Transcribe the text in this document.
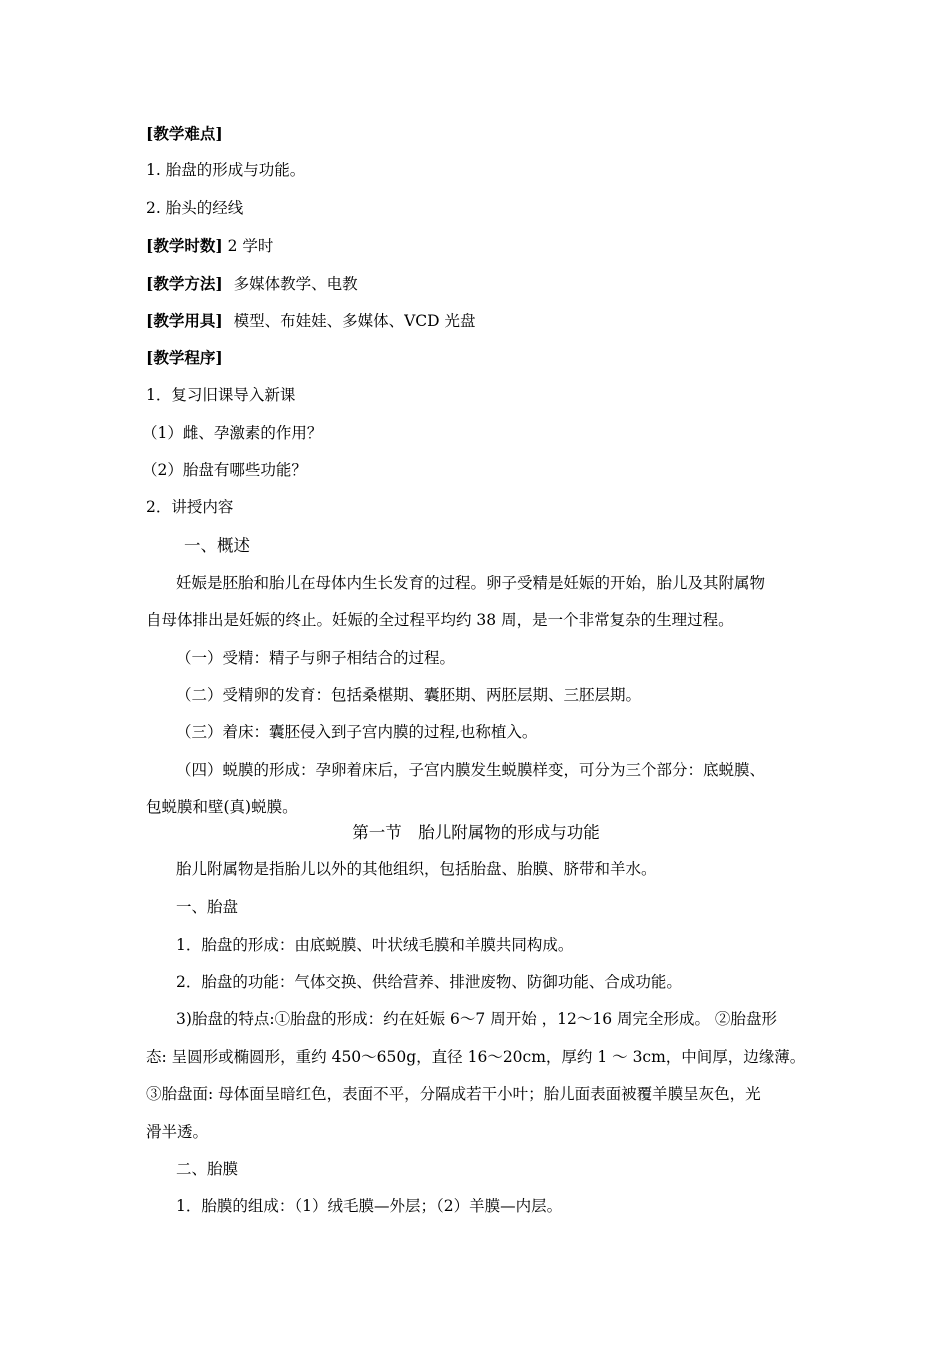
[教学难点]
1. 胎盘的形成与功能。
2. 胎头的经线
[教学时数] 2 学时
[教学方法] 多媒体教学、电教
[教学用具] 模型、布娃娃、多媒体、VCD 光盘
[教学程序]
1．复习旧课导入新课
（1）雌、孕激素的作用？
（2）胎盘有哪些功能？
2．讲授内容
一、概述
妊娠是胚胎和胎儿在母体内生长发育的过程。卵子受精是妊娠的开始，胎儿及其附属物
自母体排出是妊娠的终止。妊娠的全过程平均约 38 周，是一个非常复杂的生理过程。
（一）受精：精子与卵子相结合的过程。
（二）受精卵的发育：包括桑椹期、囊胚期、两胚层期、三胚层期。
（三）着床：囊胚侵入到子宫内膜的过程,也称植入。
（四）蜕膜的形成：孕卵着床后，子宫内膜发生蜕膜样变，可分为三个部分：底蜕膜、
包蜕膜和壁(真)蜕膜。
第一节　胎儿附属物的形成与功能
胎儿附属物是指胎儿以外的其他组织，包括胎盘、胎膜、脐带和羊水。
一、胎盘
1．胎盘的形成：由底蜕膜、叶状绒毛膜和羊膜共同构成。
2．胎盘的功能：气体交换、供给营养、排泄废物、防御功能、合成功能。
3)胎盘的特点:①胎盘的形成：约在妊娠 6～7 周开始 ，12～16 周完全形成。 ②胎盘形
态: 呈圆形或椭圆形，重约 450～650g，直径 16～20cm，厚约 1 ～ 3cm，中间厚，边缘薄。
③胎盘面: 母体面呈暗红色，表面不平，分隔成若干小叶；胎儿面表面被覆羊膜呈灰色，光
滑半透。
二、胎膜
1．胎膜的组成：（1）绒毛膜—外层；（2）羊膜—内层。
